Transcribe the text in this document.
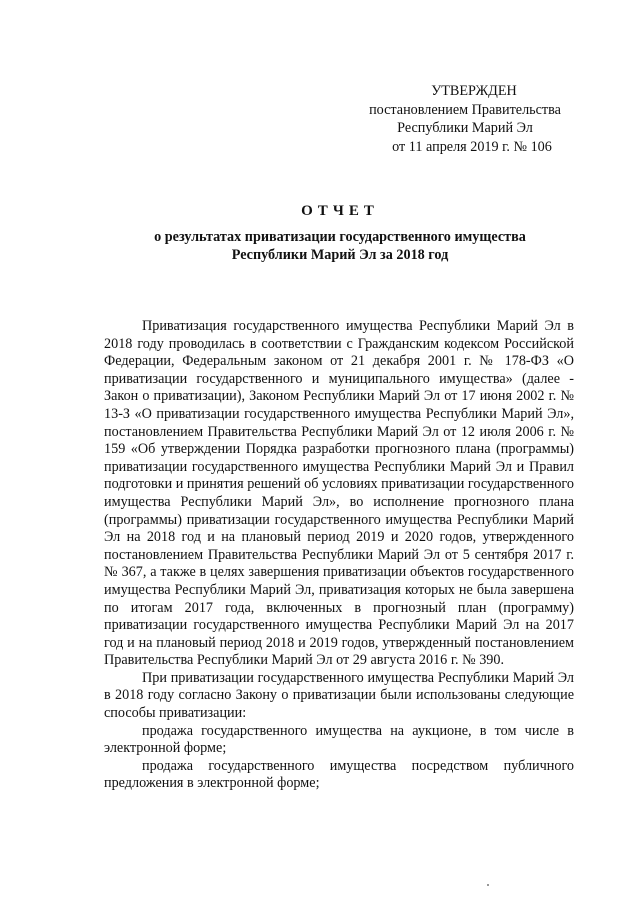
УТВЕРЖДЕН
постановлением Правительства
Республики Марий Эл
от 11 апреля 2019 г. № 106
ОТЧЕТ
о результатах приватизации государственного имущества
Республики Марий Эл за 2018 год

Приватизация государственного имущества Республики Марий Эл в 2018 году проводилась в соответствии с Гражданским кодексом Российской Федерации, Федеральным законом от 21 декабря 2001 г. № 178-ФЗ «О приватизации государственного и муниципального имущества» (далее - Закон о приватизации), Законом Республики Марий Эл от 17 июня 2002 г. № 13-З «О приватизации государственного имущества Республики Марий Эл», постановлением Правительства Республики Марий Эл от 12 июля 2006 г. № 159 «Об утверждении Порядка разработки прогнозного плана (программы) приватизации государственного имущества Республики Марий Эл и Правил подготовки и принятия решений об условиях приватизации государственного имущества Республики Марий Эл», во исполнение прогнозного плана (программы) приватизации государственного имущества Республики Марий Эл на 2018 год и на плановый период 2019 и 2020 годов, утвержденного постановлением Правительства Республики Марий Эл от 5 сентября 2017 г. № 367, а также в целях завершения приватизации объектов государственного имущества Республики Марий Эл, приватизация которых не была завершена по итогам 2017 года, включенных в прогнозный план (программу) приватизации государственного имущества Республики Марий Эл на 2017 год и на плановый период 2018 и 2019 годов, утвержденный постановлением Правительства Республики Марий Эл от 29 августа 2016 г. № 390.

При приватизации государственного имущества Республики Марий Эл в 2018 году согласно Закону о приватизации были использованы следующие способы приватизации:

продажа государственного имущества на аукционе, в том числе в электронной форме;

продажа государственного имущества посредством публичного предложения в электронной форме;
